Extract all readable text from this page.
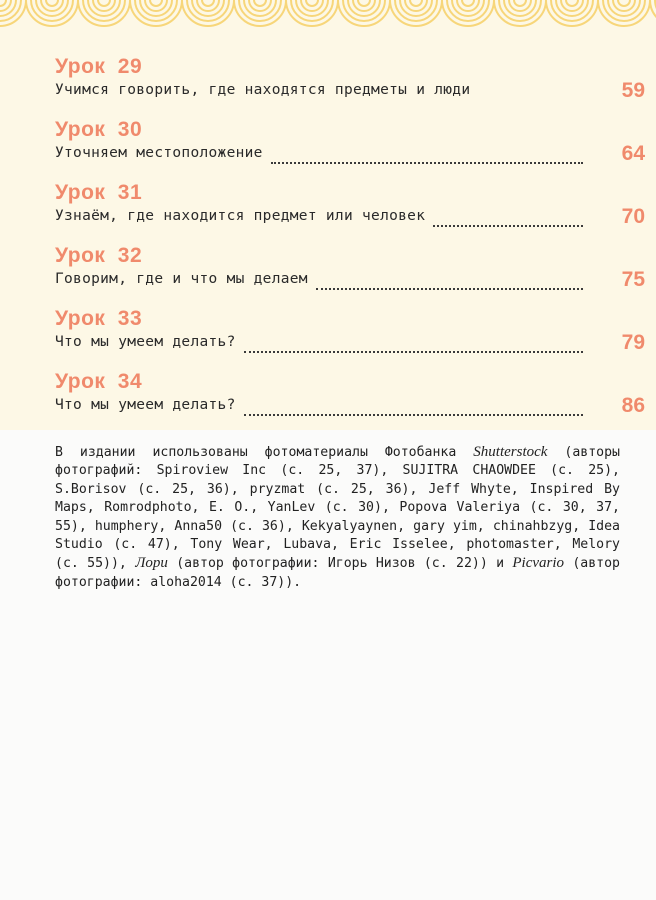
Урок 29
Учимся говорить, где находятся предметы и люди	59
Урок 30
Уточняем местоположение	64
Урок 31
Узнаём, где находится предмет или человек	70
Урок 32
Говорим, где и что мы делаем	75
Урок 33
Что мы умеем делать?	79
Урок 34
Что мы умеем делать?	86
В издании использованы фотоматериалы Фотобанка Shutterstock (авторы фотографий: Spiroview Inc (с. 25, 37), SUJITRA CHAOWDEE (с. 25), S.Borisov (с. 25, 36), pryzmat (с. 25, 36), Jeff Whyte, Inspired By Maps, Romrodphoto, E. O., YanLev (с. 30), Popova Valeriya (с. 30, 37, 55), humphery, Anna50 (с. 36), Kekyalyaynen, gary yim, chinahbzyg, Idea Studio (с. 47), Tony Wear, Lubava, Eric Isselee, photomaster, Melory (с. 55)), Лори (автор фотографии: Игорь Низов (с. 22)) и Picvario (автор фотографии: aloha2014 (с. 37)).
